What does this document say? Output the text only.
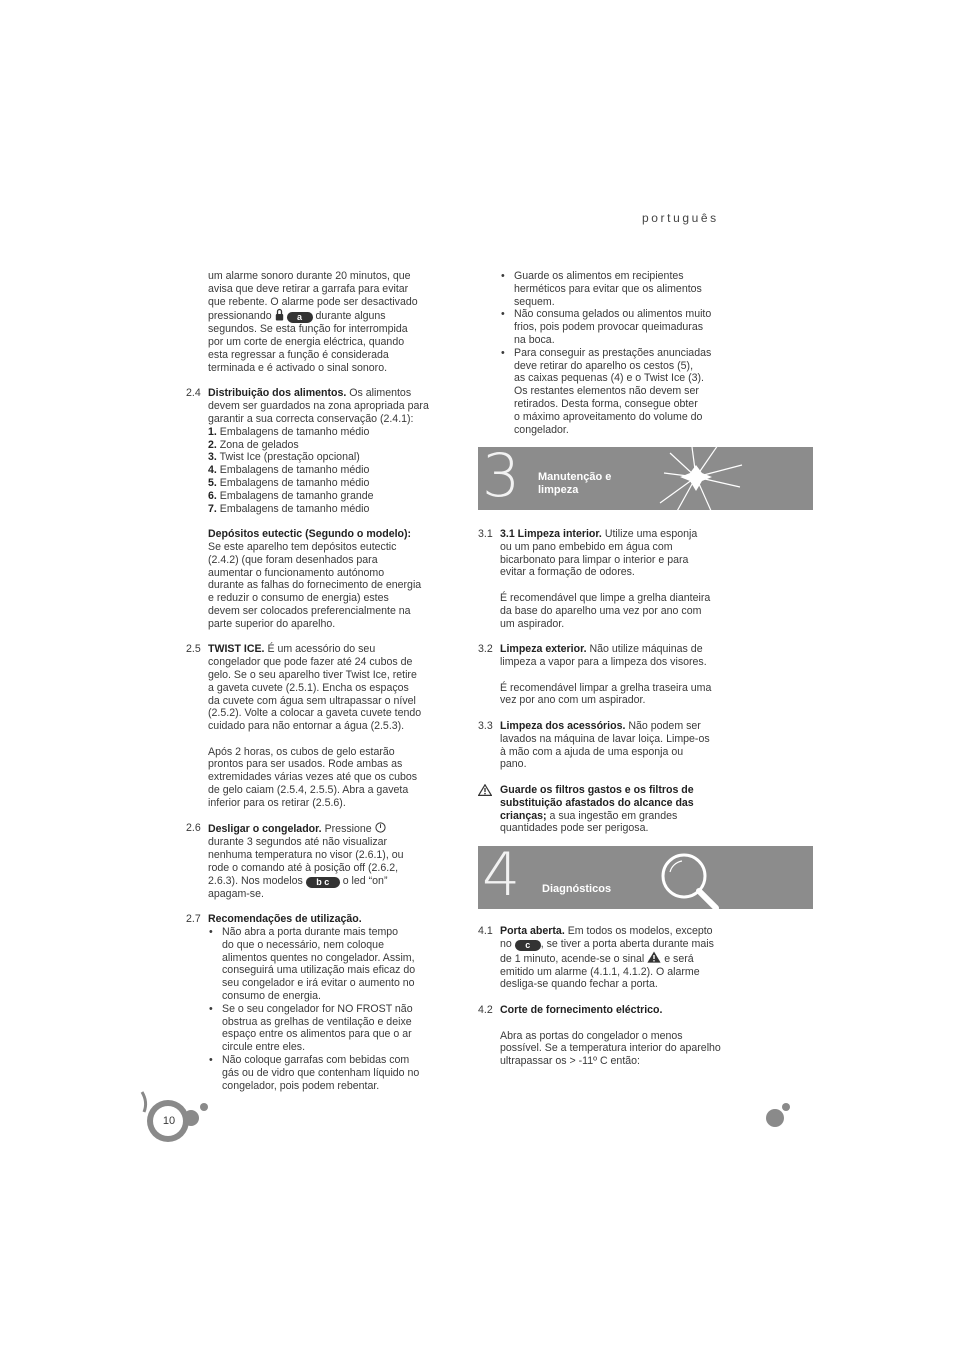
português
um alarme sonoro durante 20 minutos, que
avisa que deve retirar a garrafa para evitar
que rebente. O alarme pode ser desactivado
pressionando	a durante alguns
segundos. Se esta função for interrompida
por um corte de energia eléctrica, quando
esta regressar a função é considerada
terminada e é activado o sinal sonoro.
2.4 Distribuição dos alimentos. Os alimentos
devem ser guardados na zona apropriada para
garantir a sua correcta conservação (2.4.1):
1. Embalagens de tamanho médio
2. Zona de gelados
3. Twist Ice (prestação opcional)
4. Embalagens de tamanho médio
5. Embalagens de tamanho médio
6. Embalagens de tamanho grande
7. Embalagens de tamanho médio
Depósitos eutectic (Segundo o modelo):
Se este aparelho tem depósitos eutectic
(2.4.2) (que foram desenhados para
aumentar o funcionamento autónomo
durante as falhas do fornecimento de energia
e reduzir o consumo de energia) estes
devem ser colocados preferencialmente na
parte superior do aparelho.
2.5 TWIST ICE. É um acessório do seu
congelador que pode fazer até 24 cubos de
gelo. Se o seu aparelho tiver Twist Ice, retire
a gaveta cuvete (2.5.1). Encha os espaços
da cuvete com água sem ultrapassar o nível
(2.5.2). Volte a colocar a gaveta cuvete tendo
cuidado para não entornar a água (2.5.3).
Após 2 horas, os cubos de gelo estarão
prontos para ser usados. Rode ambas as
extremidades várias vezes até que os cubos
de gelo caiam (2.5.4, 2.5.5). Abra a gaveta
inferior para os retirar (2.5.6).
2.6 Desligar o congelador. Pressione
durante 3 segundos até não visualizar
nenhuma temperatura no visor (2.6.1), ou
rode o comando até à posição off (2.6.2,
2.6.3). Nos modelos b c o led “on”
apagam-se.
2.7 Recomendações de utilização.
• Não abra a porta durante mais tempo
do que o necessário, nem coloque
alimentos quentes no congelador. Assim,
conseguirá uma utilização mais eficaz do
seu congelador e irá evitar o aumento no
consumo de energia.
• Se o seu congelador for NO FROST não
obstrua as grelhas de ventilação e deixe
espaço entre os alimentos para que o ar
circule entre eles.
• Não coloque garrafas com bebidas com
gás ou de vidro que contenham líquido no
congelador, pois podem rebentar.
• Guarde os alimentos em recipientes
herméticos para evitar que os alimentos
sequem.
• Não consuma gelados ou alimentos muito
frios, pois podem provocar queimaduras
na boca.
• Para conseguir as prestações anunciadas
deve retirar do aparelho os cestos (5),
as caixas pequenas (4) e o Twist Ice (3).
Os restantes elementos não devem ser
retirados. Desta forma, consegue obter
o máximo aproveitamento do volume do
congelador.
3 Manutenção e
limpeza
3.1 3.1 Limpeza interior. Utilize uma esponja
ou um pano embebido em água com
bicarbonato para limpar o interior e para
evitar a formação de odores.
É recomendável que limpe a grelha dianteira
da base do aparelho uma vez por ano com
um aspirador.
3.2 Limpeza exterior. Não utilize máquinas de
limpeza a vapor para a limpeza dos visores.
É recomendável limpar a grelha traseira uma
vez por ano com um aspirador.
3.3 Limpeza dos acessórios. Não podem ser
lavados na máquina de lavar loiça. Limpe-os
à mão com a ajuda de uma esponja ou
pano.
Guarde os filtros gastos e os filtros de
substituição afastados do alcance das
crianças; a sua ingestão em grandes
quantidades pode ser perigosa.
4 Diagnósticos
4.1 Porta aberta. Em todos os modelos, excepto
no c , se tiver a porta aberta durante mais
de 1 minuto, acende-se o sinal e será
emitido um alarme (4.1.1, 4.1.2). O alarme
desliga-se quando fechar a porta.
4.2 Corte de fornecimento eléctrico.
Abra as portas do congelador o menos
possível. Se a temperatura interior do aparelho
ultrapassar os > -11º C então:
10
